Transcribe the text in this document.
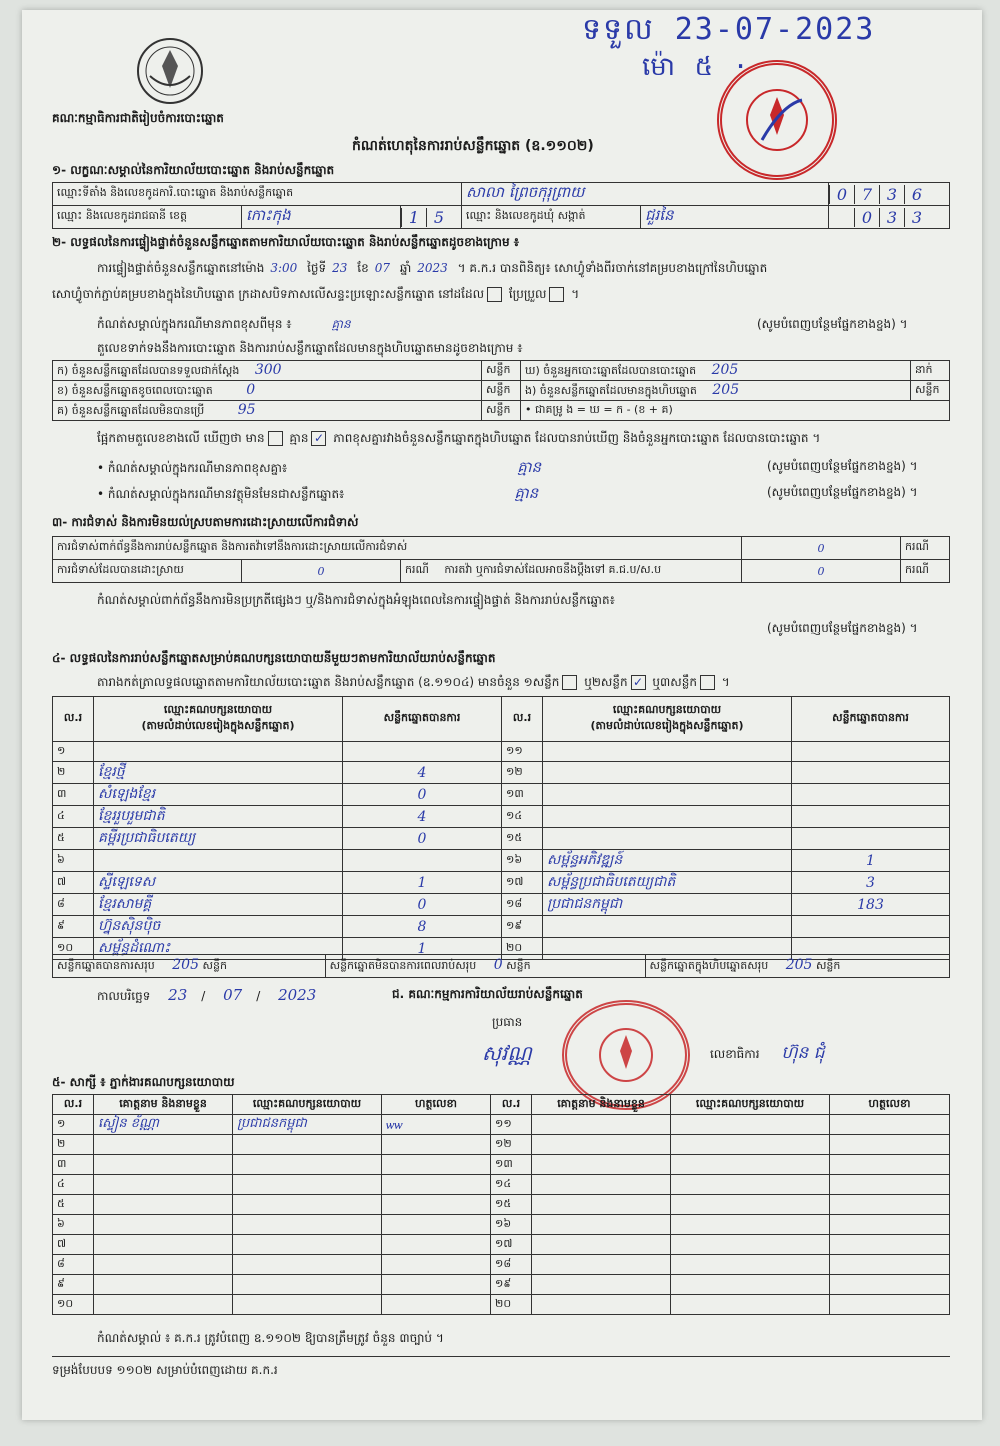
គណៈកម្មាធិការជាតិរៀបចំការបោះឆ្នោត
ទទួល 23-07-2023
ម៉ោ ៥ ·
កំណត់ហេតុនៃការរាប់សន្លឹកឆ្នោត (ឧ.១១០២)
១- លក្ខណៈសម្គាល់នៃការិយាល័យបោះឆ្នោត និងរាប់សន្លឹកឆ្នោត
ឈ្មោះទីតាំង និងលេខកូដការិ.បោះឆ្នោត និងរាប់សន្លឹកឆ្នោត			សាលា ព្រៃចកុរុព្រាយ		0 7 3 6
ឈ្មោះ និងលេខកូដរាជធានី ខេត្ត	កោះកុង	1 5	ឈ្មោះ និងលេខកូដឃុំ សង្កាត់	ជួរនៃ	0 3 3
២- លទ្ធផលនៃការផ្ទៀងផ្ទាត់ចំនួនសន្លឹកឆ្នោតតាមការិយាល័យបោះឆ្នោត និងរាប់សន្លឹកឆ្នោតដូចខាងក្រោម ៖
ការផ្ទៀងផ្ទាត់ចំនួនសន្លឹកឆ្នោតនៅម៉ោង 3:00 ថ្ងៃទី 23 ខែ 07 ឆ្នាំ 2023 ។ គ.ក.រ បានពិនិត្យ៖ សោហ្វូំទាំងពីរចាក់នៅគម្របខាងក្រៅនៃហិបឆ្នោត
សោហ្វូំចាក់ភ្ជាប់គម្របខាងក្នុងនៃហិបឆ្នោត ក្រដាសបិទភាសលើសន្ទះប្រឡោះសន្លឹកឆ្នោត នៅដដែល ប្រែប្រួល ។
កំណត់សម្គាល់ក្នុងករណីមានភាពខុសពីមុន ៖	គ្មាន	(សូមបំពេញបន្ថែមផ្នែកខាងខ្នង) ។
តួលេខទាក់ទងនឹងការបោះឆ្នោត និងការរាប់សន្លឹកឆ្នោតដែលមានក្នុងហិបឆ្នោតមានដូចខាងក្រោម ៖
ក) ចំនួនសន្លឹកឆ្នោតដែលបានទទួលជាក់ស្តែង 300	សន្លឹក	ឃ) ចំនួនអ្នកបោះឆ្នោតដែលបានបោះឆ្នោត 205	នាក់
ខ) ចំនួនសន្លឹកឆ្នោតខូចពេលបោះឆ្នោត 0	សន្លឹក	ង) ចំនួនសន្លឹកឆ្នោតដែលមានក្នុងហិបឆ្នោត 205	សន្លឹក
គ) ចំនួនសន្លឹកឆ្នោតដែលមិនបានប្រើ 95	សន្លឹក	• ជាគម្រូ ង = ឃ = ក - (ខ + គ)	
ផ្អែកតាមតួលេខខាងលើ ឃើញថា មាន គ្មាន ✓ ភាពខុសគ្នារវាងចំនួនសន្លឹកឆ្នោតក្នុងហិបឆ្នោត ដែលបានរាប់ឃើញ និងចំនួនអ្នកបោះឆ្នោត ដែលបានបោះឆ្នោត ។
• កំណត់សម្គាល់ក្នុងករណីមានភាពខុសគ្នា៖	គ្មាន	(សូមបំពេញបន្ថែមផ្នែកខាងខ្នង) ។
• កំណត់សម្គាល់ក្នុងករណីមានវត្ថុមិនមែនជាសន្លឹកឆ្នោត៖	គ្មាន	(សូមបំពេញបន្ថែមផ្នែកខាងខ្នង) ។
៣- ការជំទាស់ និងការមិនយល់ស្របតាមការដោះស្រាយលើការជំទាស់
ការជំទាស់ពាក់ព័ន្ធនឹងការរាប់សន្លឹកឆ្នោត និងការតវ៉ាទៅនឹងការដោះស្រាយលើការជំទាស់			0	ករណី
ការជំទាស់ដែលបានដោះស្រាយ	0	ករណី ការតវ៉ា ឬការជំទាស់ដែលអាចនឹងប្តឹងទៅ គ.ជ.ប/ស.ប	0	ករណី
កំណត់សម្គាល់ពាក់ព័ន្ធនឹងការមិនប្រក្រតីផ្សេងៗ ឬ/និងការជំទាស់ក្នុងអំឡុងពេលនៃការផ្ទៀងផ្ទាត់ និងការរាប់សន្លឹកឆ្នោត៖
(សូមបំពេញបន្ថែមផ្នែកខាងខ្នង) ។
៤- លទ្ធផលនៃការរាប់សន្លឹកឆ្នោតសម្រាប់គណបក្សនយោបាយនីមួយៗតាមការិយាល័យរាប់សន្លឹកឆ្នោត
តារាងកត់ត្រាលទ្ធផលឆ្នោតតាមការិយាល័យបោះឆ្នោត និងរាប់សន្លឹកឆ្នោត (ឧ.១១០៤) មានចំនួន ១សន្លឹក ឬ២សន្លឹក ✓ ឬ៣សន្លឹក ។
ល.រ	ឈ្មោះគណបក្សនយោបាយ
(តាមលំដាប់លេខរៀងក្នុងសន្លឹកឆ្នោត)	សន្លឹកឆ្នោតបានការ	ល.រ	ឈ្មោះគណបក្សនយោបាយ
(តាមលំដាប់លេខរៀងក្នុងសន្លឹកឆ្នោត)	សន្លឹកឆ្នោតបានការ
១			១១		
២	ខ្មែរថ្មី	4	១២		
៣	សំឡេងខ្មែរ	0	១៣		
៤	ខ្មែររួបរួមជាតិ	4	១៤		
៥	គម្ពីរប្រជាធិបតេយ្យ	0	១៥		
៦			១៦	សម្ព័ន្ធអភិវឌ្ឍន៍	1
៧	ស្ទីឡេទេស	1	១៧	សម្ព័ន្ធប្រជាធិបតេយ្យជាតិ	3
៨	ខ្មែរសាមគ្គី	0	១៨	ប្រជាជនកម្ពុជា	183
៩	ហ្វ៊ុនស៊ិនប៉ិច	8	១៩		
១០	សម្ព័ន្ធដំណោះ	1	២០		
សន្លឹកឆ្នោតបានការសរុប 205 សន្លឹក	សន្លឹកឆ្នោតមិនបានការពេលរាប់សរុប 0 សន្លឹក	សន្លឹកឆ្នោតក្នុងហិបឆ្នោតសរុប 205 សន្លឹក
កាលបរិច្ឆេទ 23 / 07 / 2023	ជ. គណៈកម្មការការិយាល័យរាប់សន្លឹកឆ្នោត
ប្រធាន
សុវណ្ណ	លេខាធិការ ហ៊ុន ជុំ
៥- សាក្សី ៖ ភ្នាក់ងារគណបក្សនយោបាយ
ល.រ	គោត្តនាម និងនាមខ្លួន	ឈ្មោះគណបក្សនយោបាយ	ហត្ថលេខា	ល.រ	គោត្តនាម និងនាមខ្លួន	ឈ្មោះគណបក្សនយោបាយ	ហត្ថលេខា
១	ស្ទៀន ខ័ណ្ណា	ប្រជាជនកម្ពុជា	ѡѡ	១១			
២				១២			
៣				១៣			
៤				១៤			
៥				១៥			
៦				១៦			
៧				១៧			
៨				១៨			
៩				១៩			
១០				២០			
កំណត់សម្គាល់ ៖ គ.ក.រ ត្រូវបំពេញ ឧ.១១០២ ឱ្យបានត្រឹមត្រូវ ចំនួន ៣ច្បាប់ ។
ទម្រង់បែបបទ ១១០២ សម្រាប់បំពេញដោយ គ.ក.រ
